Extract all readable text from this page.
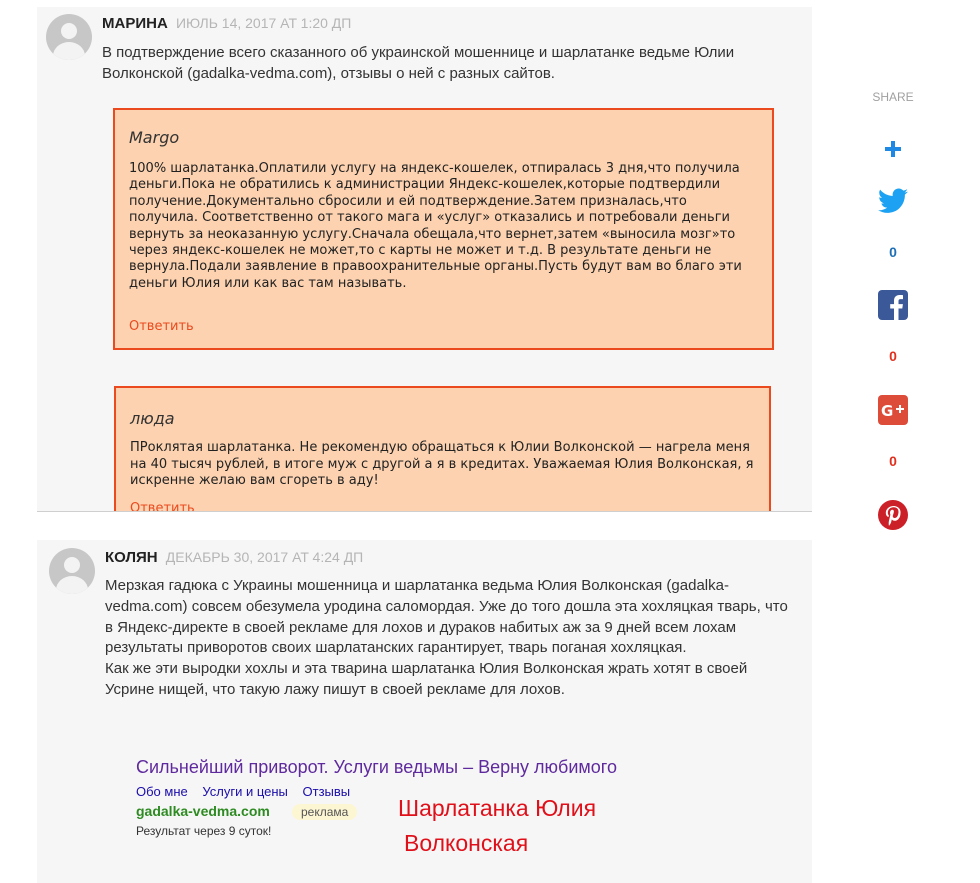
МАРИНА ИЮЛЬ 14, 2017 AT 1:20 ДП
В подтверждение всего сказанного об украинской мошеннице и шарлатанке ведьме Юлии Волконской (gadalka-vedma.com), отзывы о ней с разных сайтов.
Margo
100% шарлатанка.Оплатили услугу на яндекс-кошелек, отпиралась 3 дня,что получила деньги.Пока не обратились к администрации Яндекс-кошелек,которые подтвердили получение.Документально сбросили и ей подтверждение.Затем призналась,что получила. Соответственно от такого мага и «услуг» отказались и потребовали деньги вернуть за неоказанную услугу.Сначала обещала,что вернет,затем «выносила мозг»то через яндекс-кошелек не может,то с карты не может и т.д. В результате деньги не вернула.Подали заявление в правоохранительные органы.Пусть будут вам во благо эти деньги Юлия или как вас там называть.
Ответить
люда
ПРоклятая шарлатанка. Не рекомендую обращаться к Юлии Волконской — нагрела меня на 40 тысяч рублей, в итоге муж с другой а я в кредитах. Уважаемая Юлия Волконская, я искренне желаю вам сгореть в аду!
Ответить
КОЛЯН ДЕКАБРЬ 30, 2017 AT 4:24 ДП
Мерзкая гадюка с Украины мошенница и шарлатанка ведьма Юлия Волконская (gadalka-vedma.com) совсем обезумела уродина саломордая. Уже до того дошла эта хохляцкая тварь, что в Яндекс-директе в своей рекламе для лохов и дураков набитых аж за 9 дней всем лохам результаты приворотов своих шарлатанских гарантирует, тварь поганая хохляцкая.
Как же эти выродки хохлы и эта тварина шарлатанка Юлия Волконская жрать хотят в своей Усрине нищей, что такую лажу пишут в своей рекламе для лохов.
Сильнейший приворот. Услуги ведьмы – Верну любимого
Обо мне Услуги и цены Отзывы
gadalka-vedma.com	реклама
Результат через 9 суток!
Шарлатанка Юлия
Волконская
SHARE
0
0
G
0
